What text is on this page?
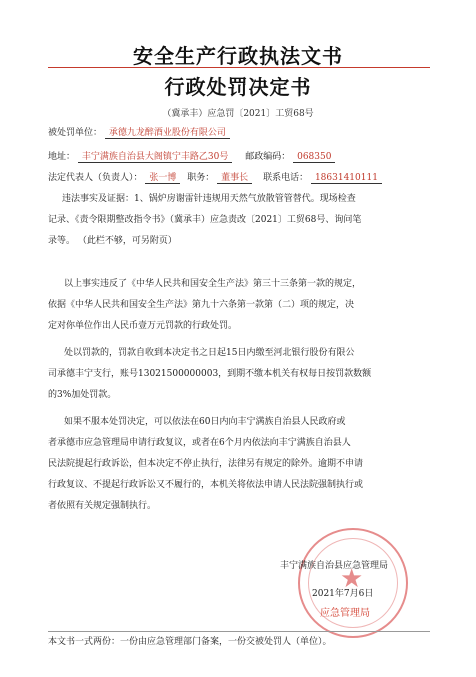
安全生产行政执法文书
行政处罚决定书
（冀承丰）应急罚〔2021〕工贸68号
被处罚单位： 承德九龙醉酒业股份有限公司
地址： 丰宁满族自治县大阁镇宁丰路乙30号 邮政编码： 068350
法定代表人（负责人）： 张一博 职务： 董事长 联系电话： 18631410111
违法事实及证据：1、锅炉房谢雷针违规用天然气放散管管替代。现场检查
记录、《责令限期整改指令书》（冀承丰）应急责改〔2021〕工贸68号、询问笔
录等。 （此栏不够，可另附页）
以上事实违反了《中华人民共和国安全生产法》第三十三条第一款的规定，
依据《中华人民共和国安全生产法》第九十六条第一款第（二）项的规定，决
定对你单位作出人民币壹万元罚款的行政处罚。
处以罚款的，罚款自收到本决定书之日起15日内缴至河北银行股份有限公
司承德丰宁支行，账号13021500000003，到期不缴本机关有权每日按罚款数额
的3%加处罚款。
如果不服本处罚决定，可以依法在60日内向丰宁满族自治县人民政府或
者承德市应急管理局申请行政复议，或者在6个月内依法向丰宁满族自治县人
民法院提起行政诉讼，但本决定不停止执行，法律另有规定的除外。逾期不申请
行政复议、不提起行政诉讼又不履行的，本机关将依法申请人民法院强制执行或
者依照有关规定强制执行。
★
丰宁满族自治县应急管理局
2021年7月6日
应急管理局
本文书一式两份：一份由应急管理部门备案，一份交被处罚人（单位）。
